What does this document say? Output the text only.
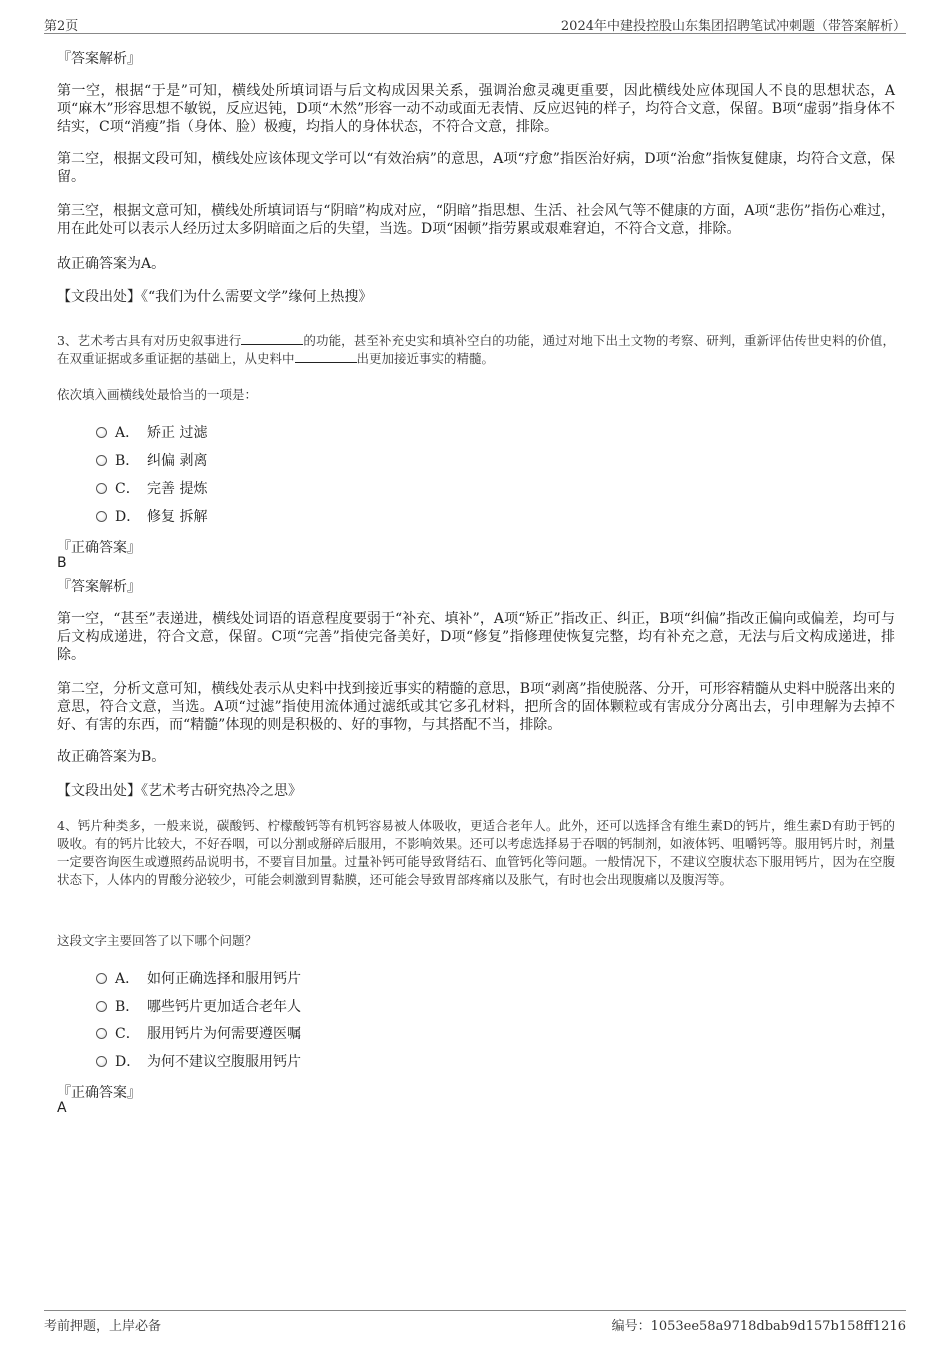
第2页	2024年中建投控股山东集团招聘笔试冲刺题（带答案解析）
『答案解析』

第一空，根据“于是”可知，横线处所填词语与后文构成因果关系，强调治愈灵魂更重要，因此横线处应体现国人不良的思想状态，A项“麻木”形容思想不敏锐，反应迟钝，D项“木然”形容一动不动或面无表情、反应迟钝的样子，均符合文意，保留。B项“虚弱”指身体不结实，C项“消瘦”指（身体、脸）极瘦，均指人的身体状态，不符合文意，排除。

第二空，根据文段可知，横线处应该体现文学可以“有效治病”的意思，A项“疗愈”指医治好病，D项“治愈”指恢复健康，均符合文意，保留。

第三空，根据文意可知，横线处所填词语与“阴暗”构成对应，“阴暗”指思想、生活、社会风气等不健康的方面，A项“悲伤”指伤心难过，用在此处可以表示人经历过太多阴暗面之后的失望，当选。D项“困顿”指劳累或艰难窘迫，不符合文意，排除。

故正确答案为A。

【文段出处】《“我们为什么需要文学”缘何上热搜》

3、艺术考古具有对历史叙事进行	的功能，甚至补充史实和填补空白的功能，通过对地下出土文物的考察、研判，重新评估传世史料的价值，在双重证据或多重证据的基础上，从史料中	出更加接近事实的精髓。

依次填入画横线处最恰当的一项是：

A． 矫正 过滤
B． 纠偏 剥离
C． 完善 提炼
D． 修复 拆解
『正确答案』
B
『答案解析』

第一空，“甚至”表递进，横线处词语的语意程度要弱于“补充、填补”，A项“矫正”指改正、纠正，B项“纠偏”指改正偏向或偏差，均可与后文构成递进，符合文意，保留。C项“完善”指使完备美好，D项“修复”指修理使恢复完整，均有补充之意，无法与后文构成递进，排除。

第二空，分析文意可知，横线处表示从史料中找到接近事实的精髓的意思，B项“剥离”指使脱落、分开，可形容精髓从史料中脱落出来的意思，符合文意，当选。A项“过滤”指使用流体通过滤纸或其它多孔材料，把所含的固体颗粒或有害成分分离出去，引申理解为去掉不好、有害的东西，而“精髓”体现的则是积极的、好的事物，与其搭配不当，排除。

故正确答案为B。

【文段出处】《艺术考古研究热冷之思》

4、钙片种类多，一般来说，碳酸钙、柠檬酸钙等有机钙容易被人体吸收，更适合老年人。此外，还可以选择含有维生素D的钙片，维生素D有助于钙的吸收。有的钙片比较大，不好吞咽，可以分割或掰碎后服用，不影响效果。还可以考虑选择易于吞咽的钙制剂，如液体钙、咀嚼钙等。服用钙片时，剂量一定要咨询医生或遵照药品说明书，不要盲目加量。过量补钙可能导致肾结石、血管钙化等问题。一般情况下，不建议空腹状态下服用钙片，因为在空腹状态下，人体内的胃酸分泌较少，可能会刺激到胃黏膜，还可能会导致胃部疼痛以及胀气，有时也会出现腹痛以及腹泻等。

这段文字主要回答了以下哪个问题？

A． 如何正确选择和服用钙片
B． 哪些钙片更加适合老年人
C． 服用钙片为何需要遵医嘱
D． 为何不建议空腹服用钙片
『正确答案』
A
考前押题，上岸必备	编号：1053ee58a9718dbab9d157b158ff1216
